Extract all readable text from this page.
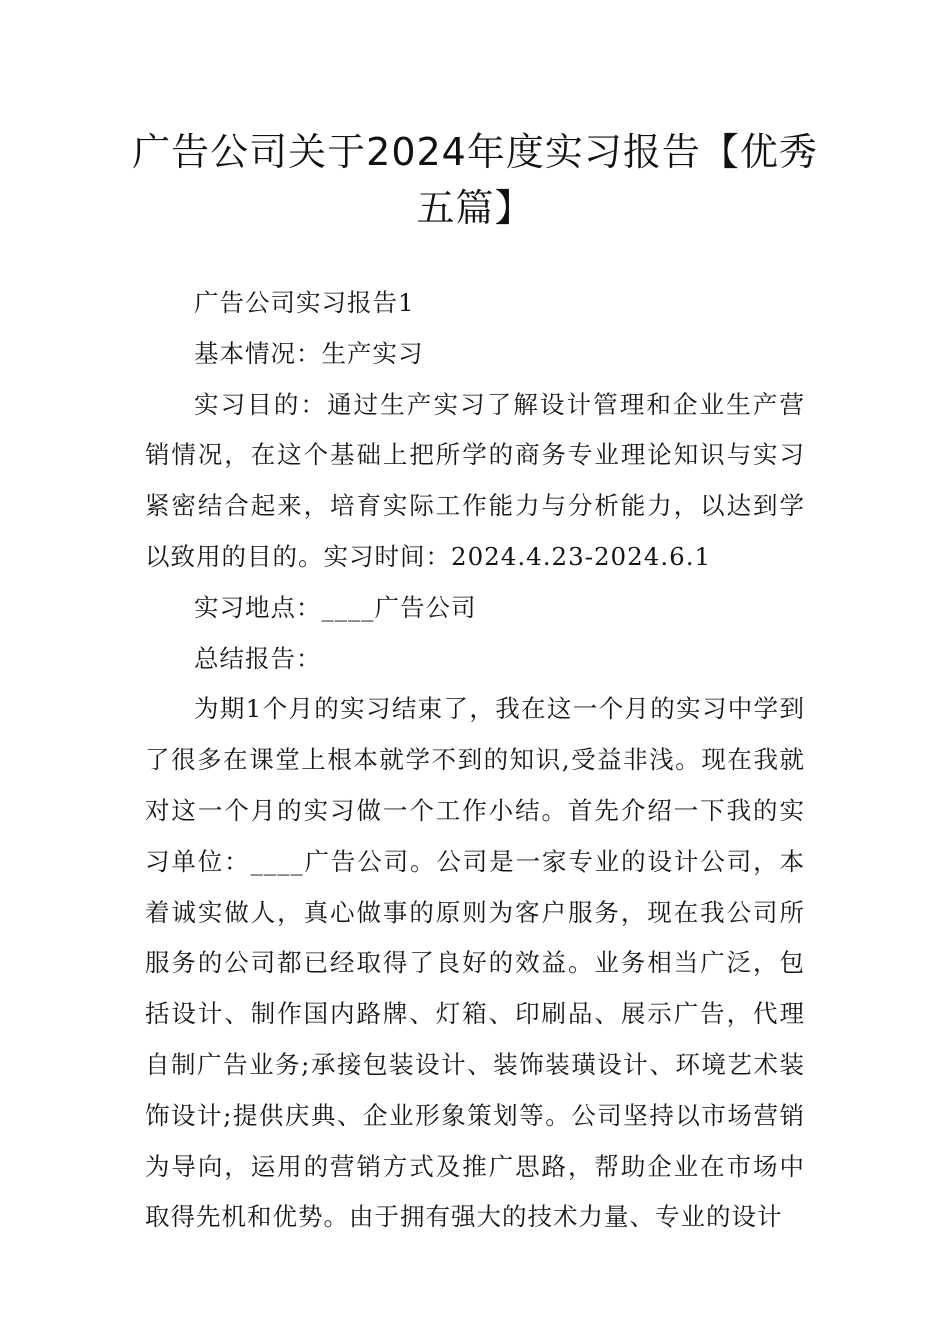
广告公司关于2024年度实习报告【优秀五篇】

广告公司实习报告1

基本情况：生产实习

实习目的：通过生产实习了解设计管理和企业生产营销情况，在这个基础上把所学的商务专业理论知识与实习紧密结合起来，培育实际工作能力与分析能力，以达到学以致用的目的。实习时间：2024.4.23-2024.6.1

实习地点：____广告公司

总结报告：

为期1个月的实习结束了，我在这一个月的实习中学到了很多在课堂上根本就学不到的知识,受益非浅。现在我就对这一个月的实习做一个工作小结。首先介绍一下我的实习单位：____广告公司。公司是一家专业的设计公司，本着诚实做人，真心做事的原则为客户服务，现在我公司所服务的公司都已经取得了良好的效益。业务相当广泛，包括设计、制作国内路牌、灯箱、印刷品、展示广告，代理自制广告业务;承接包装设计、装饰装璜设计、环境艺术装饰设计;提供庆典、企业形象策划等。公司坚持以市场营销为导向，运用的营销方式及推广思路，帮助企业在市场中取得先机和优势。由于拥有强大的技术力量、专业的设计
